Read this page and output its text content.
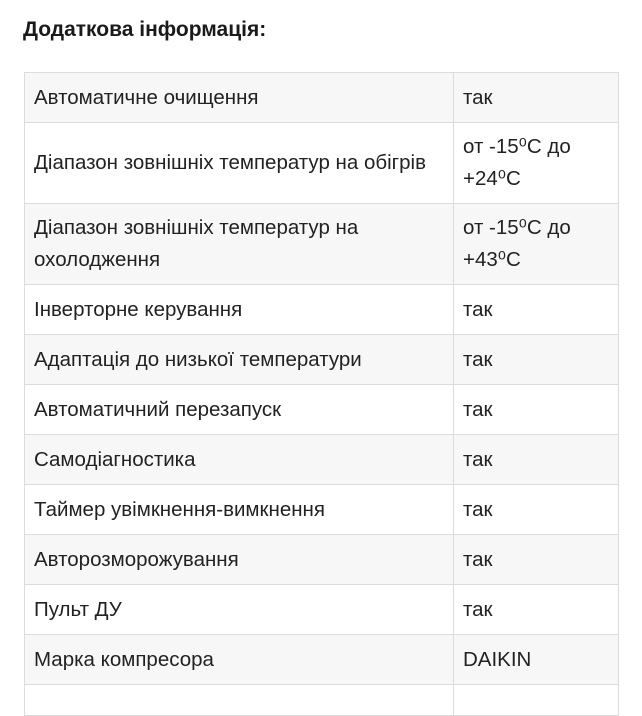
Додаткова інформація:
Автоматичне очищення	так
Діапазон зовнішніх температур на обігрів	от -15⁰С до +24⁰С
Діапазон зовнішніх температур на охолодження	от -15⁰С до +43⁰С
Інверторне керування	так
Адаптація до низької температури	так
Автоматичний перезапуск	так
Самодіагностика	так
Таймер увімкнення-вимкнення	так
Авторозморожування	так
Пульт ДУ	так
Марка компресора	DAIKIN
